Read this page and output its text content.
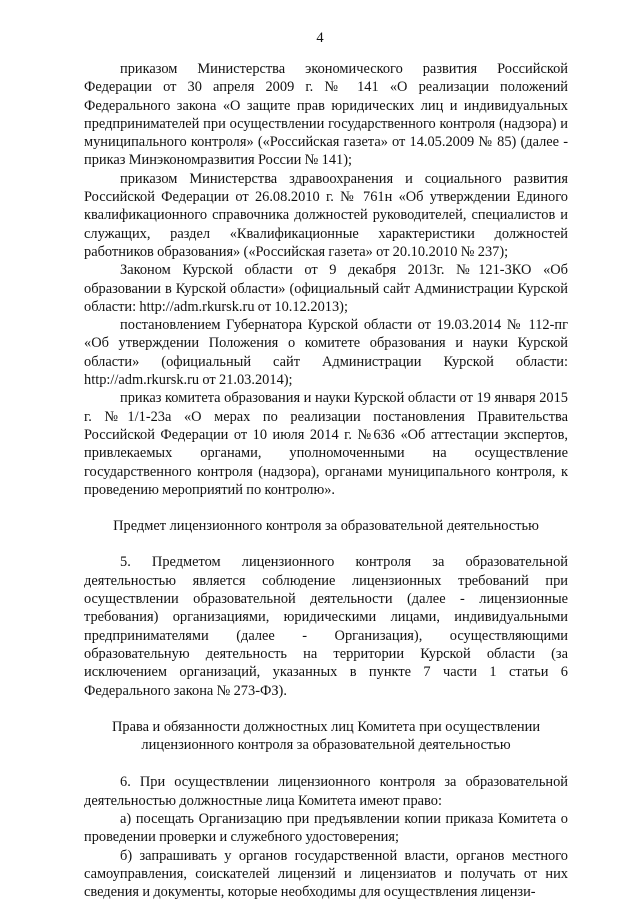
4

приказом Министерства экономического развития Российской Федерации от 30 апреля 2009 г. № 141 «О реализации положений Федерального закона «О защите прав юридических лиц и индивидуальных предпринимателей при осуществлении государственного контроля (надзора) и муниципального контроля» («Российская газета» от 14.05.2009 № 85) (далее - приказ Минэкономразвития России № 141);

приказом Министерства здравоохранения и социального развития Российской Федерации от 26.08.2010 г. № 761н «Об утверждении Единого квалификационного справочника должностей руководителей, специалистов и служащих, раздел «Квалификационные характеристики должностей работников образования» («Российская газета» от 20.10.2010 № 237);

Законом Курской области от 9 декабря 2013г. №121-ЗКО «Об образовании в Курской области» (официальный сайт Администрации Курской области: http://adm.rkursk.ru от 10.12.2013);

постановлением Губернатора Курской области от 19.03.2014 № 112-пг «Об утверждении Положения о комитете образования и науки Курской области» (официальный сайт Администрации Курской области: http://adm.rkursk.ru от 21.03.2014);

приказ комитета образования и науки Курской области от 19 января 2015 г. №1/1-23а «О мерах по реализации постановления Правительства Российской Федерации от 10 июля 2014 г. №636 «Об аттестации экспертов, привлекаемых органами, уполномоченными на осуществление государственного контроля (надзора), органами муниципального контроля, к проведению мероприятий по контролю».

Предмет лицензионного контроля за образовательной деятельностью

5. Предметом лицензионного контроля за образовательной деятельностью является соблюдение лицензионных требований при осуществлении образовательной деятельности (далее - лицензионные требования) организациями, юридическими лицами, индивидуальными предпринимателями (далее - Организация), осуществляющими образовательную деятельность на территории Курской области (за исключением организаций, указанных в пункте 7 части 1 статьи 6 Федерального закона № 273-ФЗ).

Права и обязанности должностных лиц Комитета при осуществлении лицензионного контроля за образовательной деятельностью

6. При осуществлении лицензионного контроля за образовательной деятельностью должностные лица Комитета имеют право:

а) посещать Организацию при предъявлении копии приказа Комитета о проведении проверки и служебного удостоверения;

б) запрашивать у органов государственной власти, органов местного самоуправления, соискателей лицензий и лицензиатов и получать от них сведения и документы, которые необходимы для осуществления лицензи-
